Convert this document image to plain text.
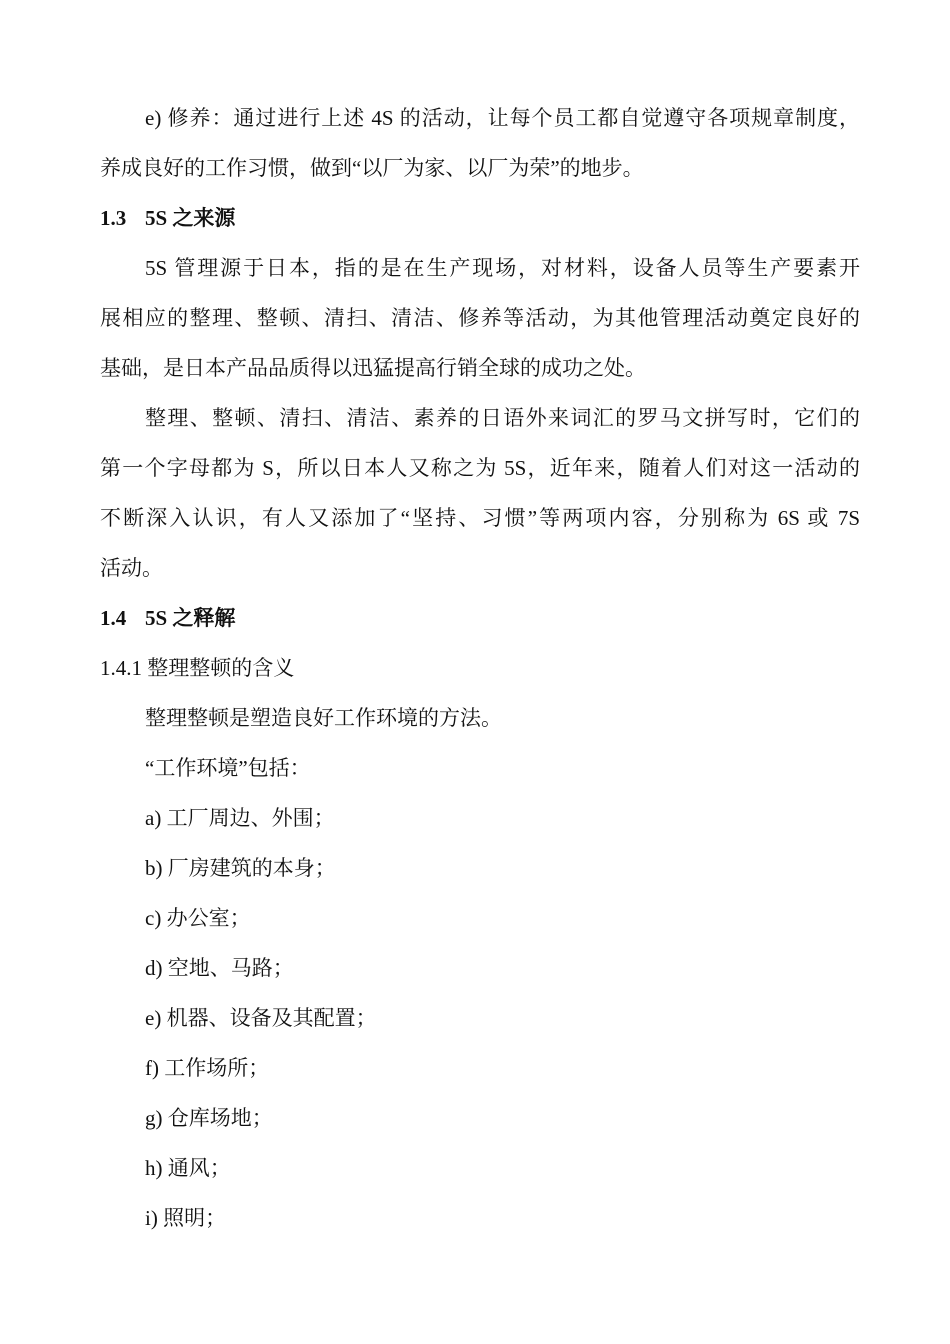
e) 修养：通过进行上述 4S 的活动，让每个员工都自觉遵守各项规章制度，
养成良好的工作习惯，做到“以厂为家、以厂为荣”的地步。
1.3 5S 之来源
5S 管理源于日本，指的是在生产现场，对材料，设备人员等生产要素开
展相应的整理、整顿、清扫、清洁、修养等活动，为其他管理活动奠定良好的
基础，是日本产品品质得以迅猛提高行销全球的成功之处。
整理、整顿、清扫、清洁、素养的日语外来词汇的罗马文拼写时，它们的
第一个字母都为 S，所以日本人又称之为 5S，近年来，随着人们对这一活动的
不断深入认识，有人又添加了“坚持、习惯”等两项内容，分别称为 6S 或 7S
活动。
1.4 5S 之释解
1.4.1 整理整顿的含义
整理整顿是塑造良好工作环境的方法。
“工作环境”包括：
a) 工厂周边、外围；
b) 厂房建筑的本身；
c) 办公室；
d) 空地、马路；
e) 机器、设备及其配置；
f) 工作场所；
g) 仓库场地；
h) 通风；
i) 照明；
